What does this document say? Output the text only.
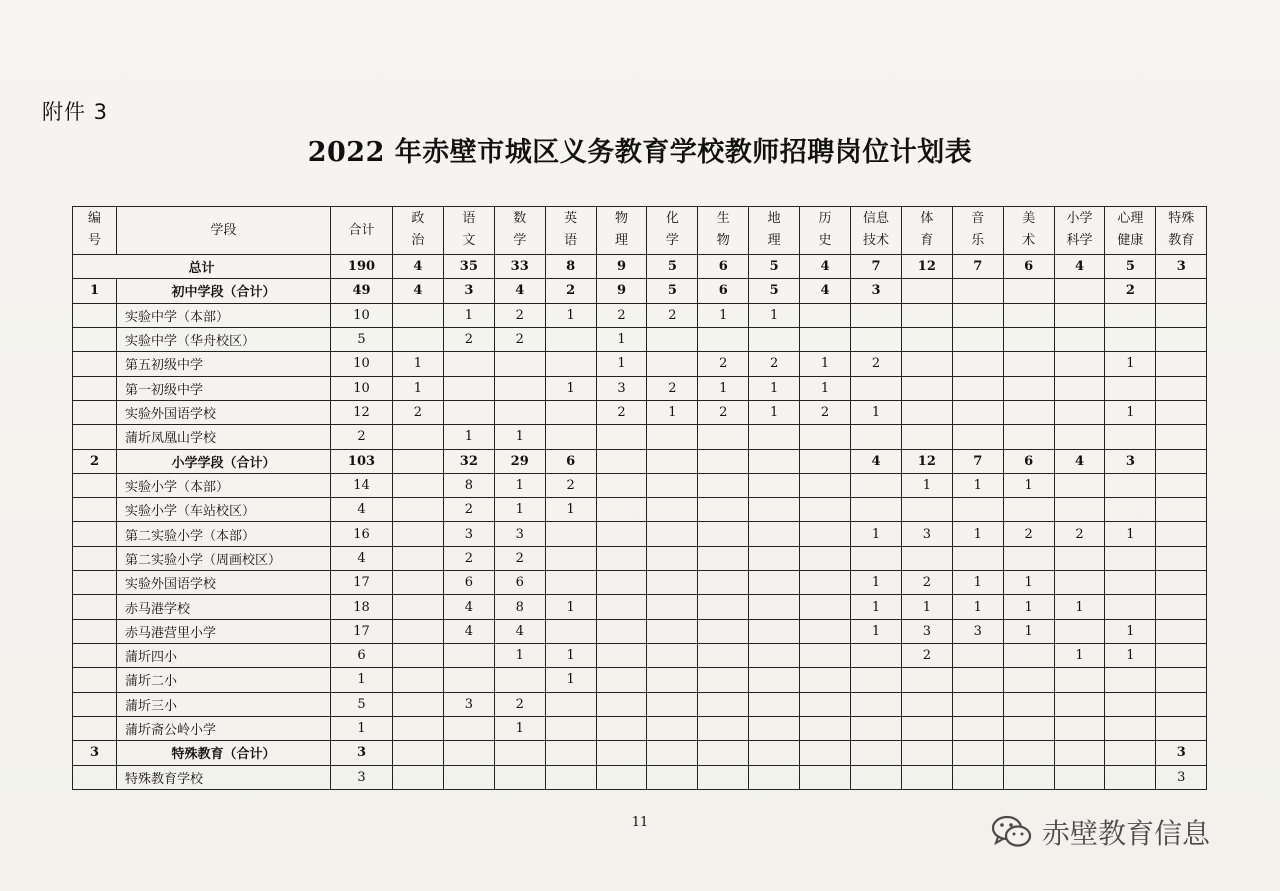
附件 3
2022 年赤壁市城区义务教育学校教师招聘岗位计划表
编号	学段	合计	政治	语文	数学	英语	物理	化学	生物	地理	历史	信息技术	体育	音乐	美术	小学科学	心理健康	特殊教育
总计		190	4	35	33	8	9	5	6	5	4	7	12	7	6	4	5	3
1	初中学段（合计）	49	4	3	4	2	9	5	6	5	4	3					2	
	实验中学（本部）	10		1	2	1	2	2	1	1								
	实验中学（华舟校区）	5		2	2		1											
	第五初级中学	10	1				1		2	2	1	2					1	
	第一初级中学	10	1			1	3	2	1	1	1							
	实验外国语学校	12	2				2	1	2	1	2	1					1	
	蒲圻凤凰山学校	2		1	1													
2	小学学段（合计）	103		32	29	6						4	12	7	6	4	3	
	实验小学（本部）	14		8	1	2							1	1	1			
	实验小学（车站校区）	4		2	1	1												
	第二实验小学（本部）	16		3	3							1	3	1	2	2	1	
	第二实验小学（周画校区）	4		2	2													
	实验外国语学校	17		6	6							1	2	1	1			
	赤马港学校	18		4	8	1						1	1	1	1	1		
	赤马港营里小学	17		4	4							1	3	3	1		1	
	蒲圻四小	6			1	1							2			1	1	
	蒲圻二小	1				1												
	蒲圻三小	5		3	2													
	蒲圻斋公岭小学	1			1													
3	特殊教育（合计）	3																3
	特殊教育学校	3																3
11	赤壁教育信息
